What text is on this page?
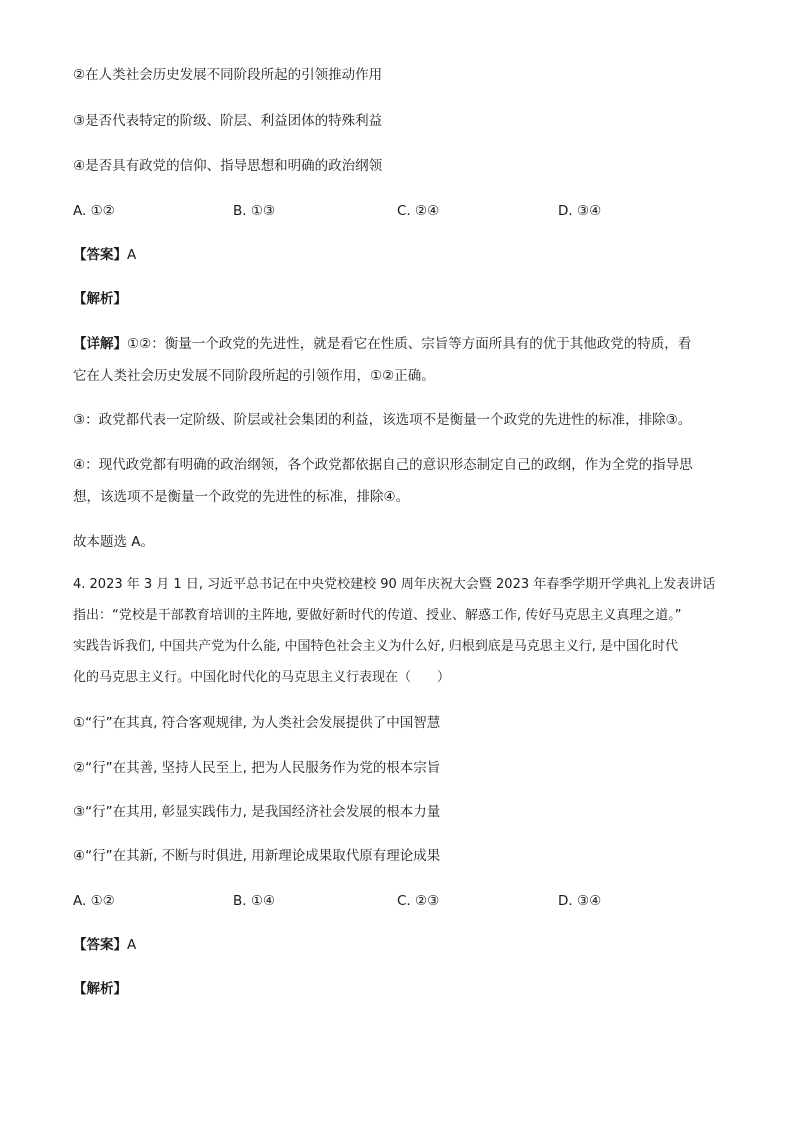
②在人类社会历史发展不同阶段所起的引领推动作用
③是否代表特定的阶级、阶层、利益团体的特殊利益
④是否具有政党的信仰、指导思想和明确的政治纲领
A. ①②	B. ①③	C. ②④	D. ③④
【答案】A
【解析】
【详解】①②：衡量一个政党的先进性，就是看它在性质、宗旨等方面所具有的优于其他政党的特质，看
它在人类社会历史发展不同阶段所起的引领作用，①②正确。
③：政党都代表一定阶级、阶层或社会集团的利益，该选项不是衡量一个政党的先进性的标准，排除③。
④：现代政党都有明确的政治纲领，各个政党都依据自己的意识形态制定自己的政纲，作为全党的指导思
想，该选项不是衡量一个政党的先进性的标准，排除④。
故本题选 A。
4. 2023 年 3 月 1 日, 习近平总书记在中央党校建校 90 周年庆祝大会暨 2023 年春季学期开学典礼上发表讲话
指出：“党校是干部教育培训的主阵地, 要做好新时代的传道、授业、解惑工作, 传好马克思主义真理之道。”
实践告诉我们, 中国共产党为什么能, 中国特色社会主义为什么好, 归根到底是马克思主义行, 是中国化时代
化的马克思主义行。中国化时代化的马克思主义行表现在（　　）
①“行”在其真, 符合客观规律, 为人类社会发展提供了中国智慧
②“行”在其善, 坚持人民至上, 把为人民服务作为党的根本宗旨
③“行”在其用, 彰显实践伟力, 是我国经济社会发展的根本力量
④“行”在其新, 不断与时俱进, 用新理论成果取代原有理论成果
A. ①②	B. ①④	C. ②③	D. ③④
【答案】A
【解析】
